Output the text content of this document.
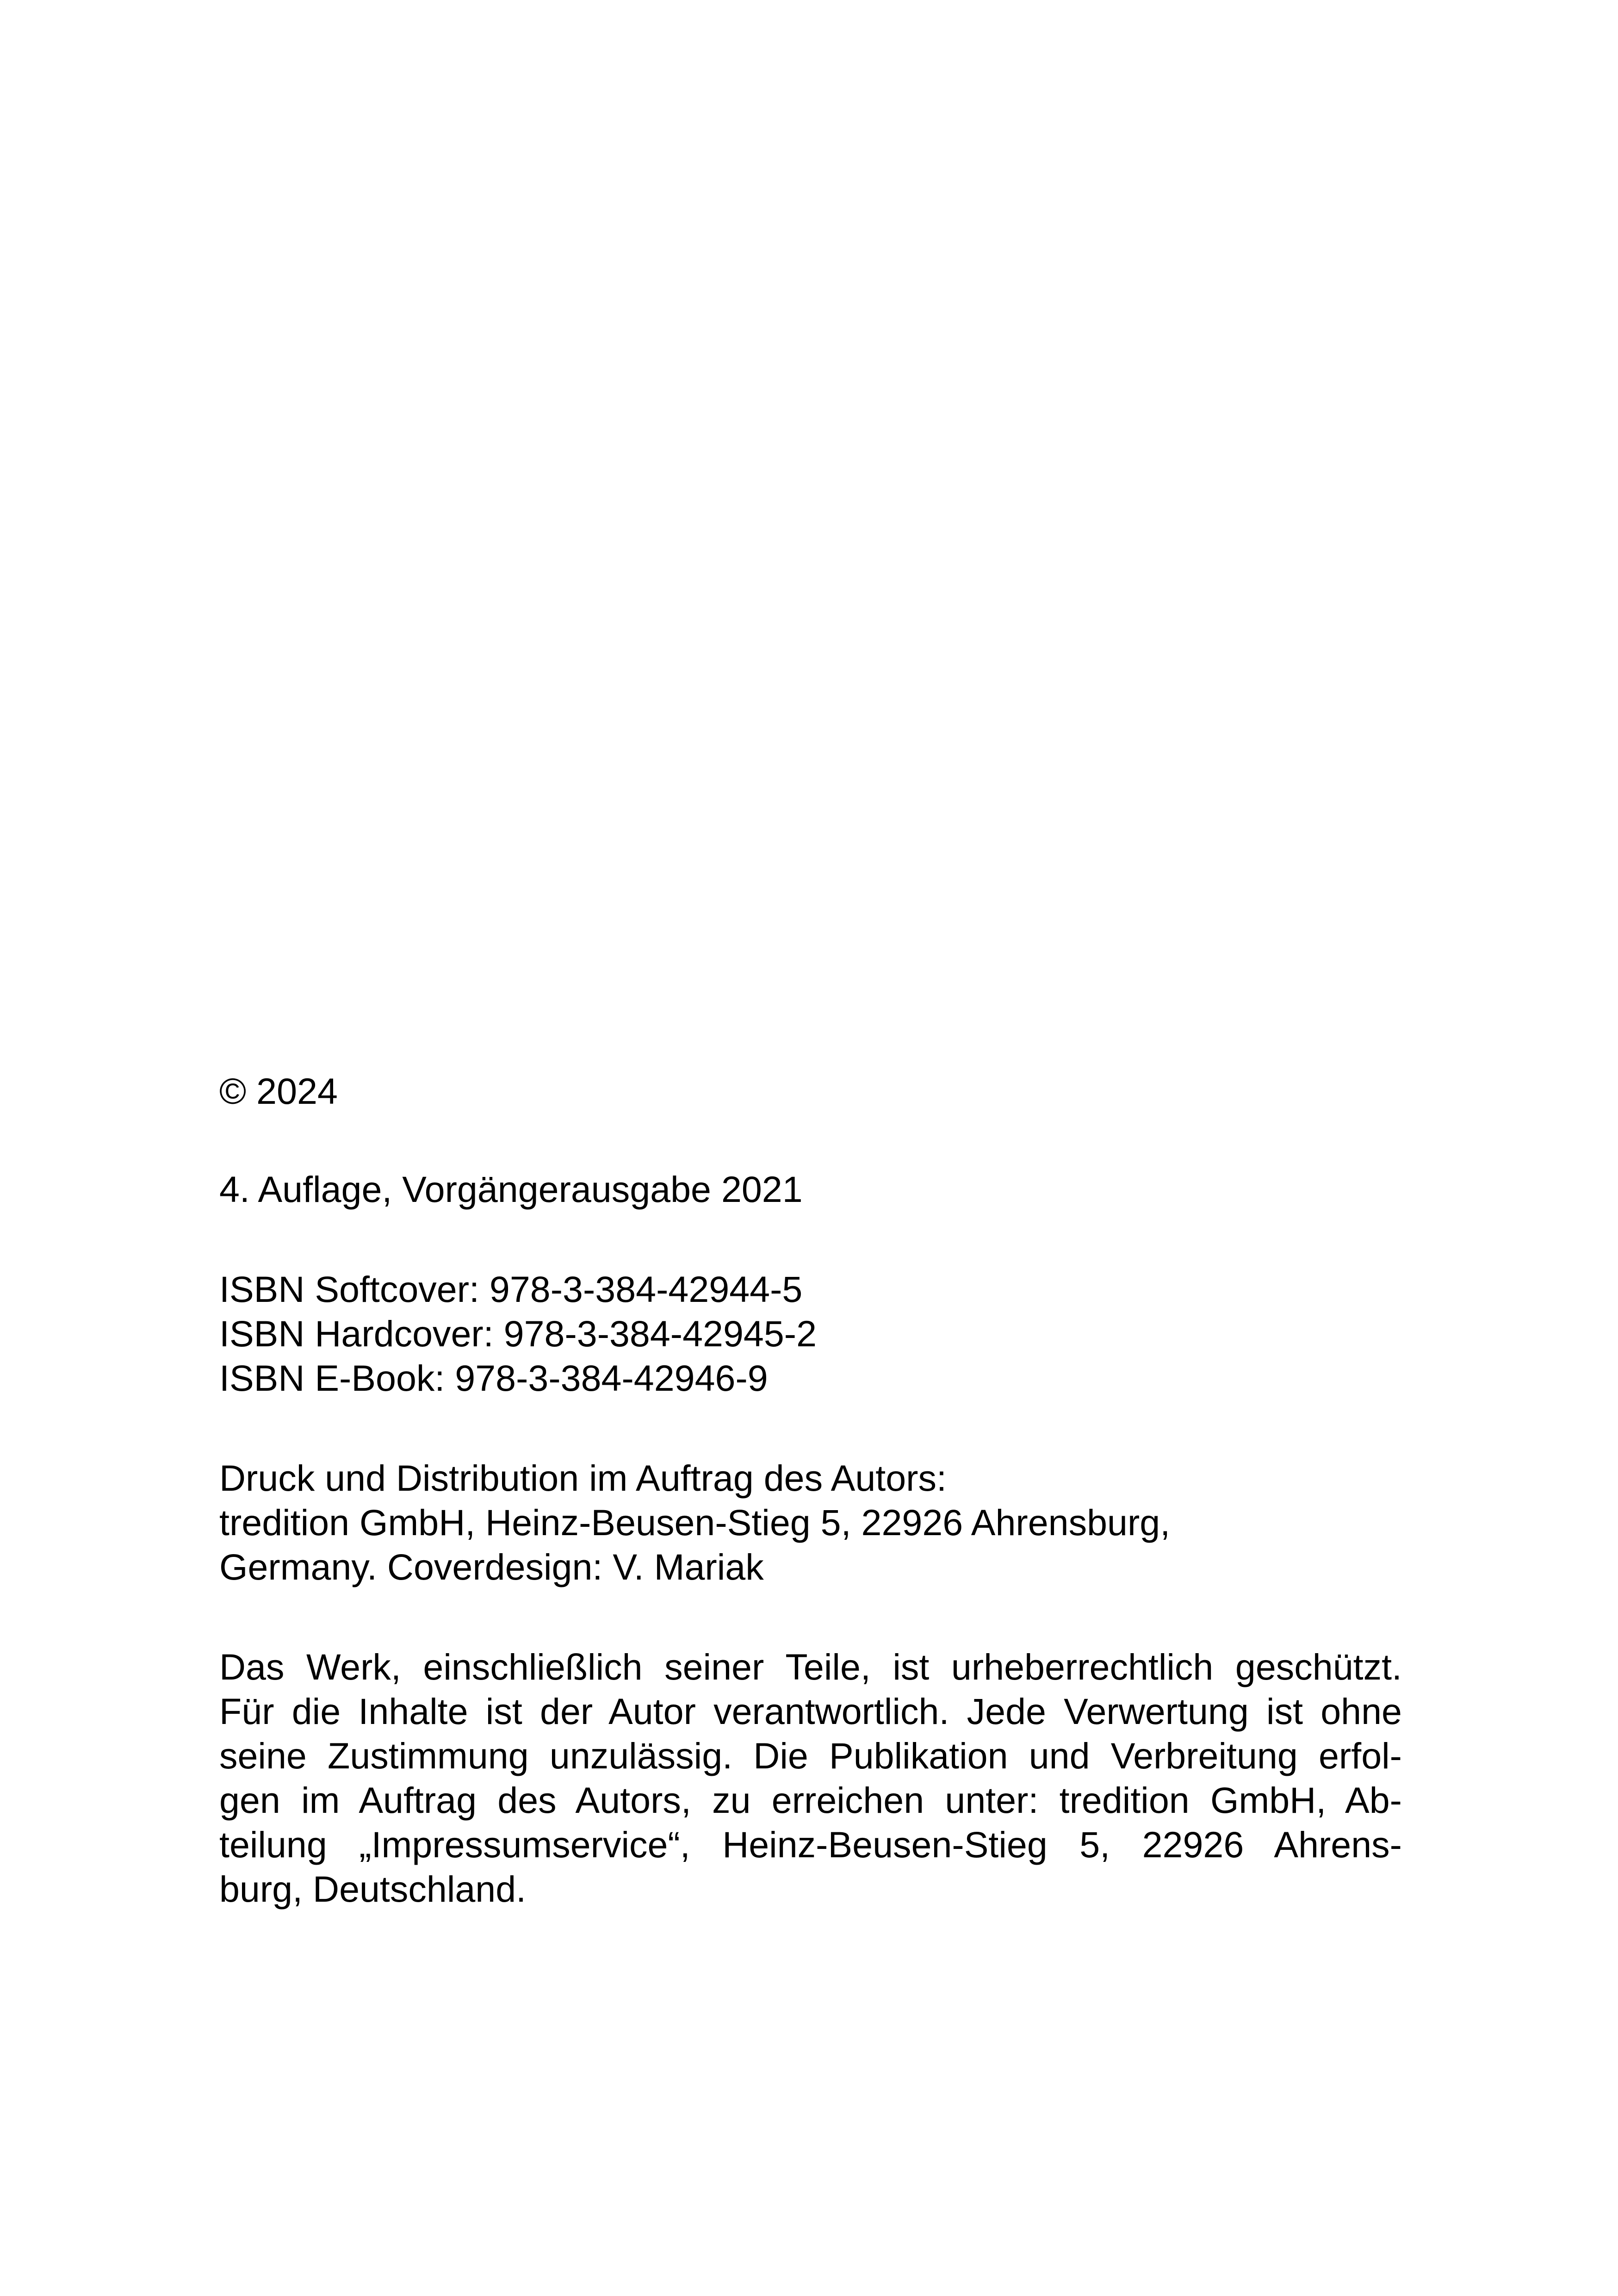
© 2024

4. Auflage, Vorgängerausgabe 2021

ISBN Softcover: 978-3-384-42944-5
ISBN Hardcover: 978-3-384-42945-2
ISBN E-Book: 978-3-384-42946-9

Druck und Distribution im Auftrag des Autors:
tredition GmbH, Heinz-Beusen-Stieg 5, 22926 Ahrensburg,
Germany. Coverdesign: V. Mariak

Das Werk, einschließlich seiner Teile, ist urheberrechtlich geschützt.
Für die Inhalte ist der Autor verantwortlich. Jede Verwertung ist ohne
seine Zustimmung unzulässig. Die Publikation und Verbreitung erfol-
gen im Auftrag des Autors, zu erreichen unter: tredition GmbH, Ab-
teilung „Impressumservice“, Heinz-Beusen-Stieg 5, 22926 Ahrens-
burg, Deutschland.
